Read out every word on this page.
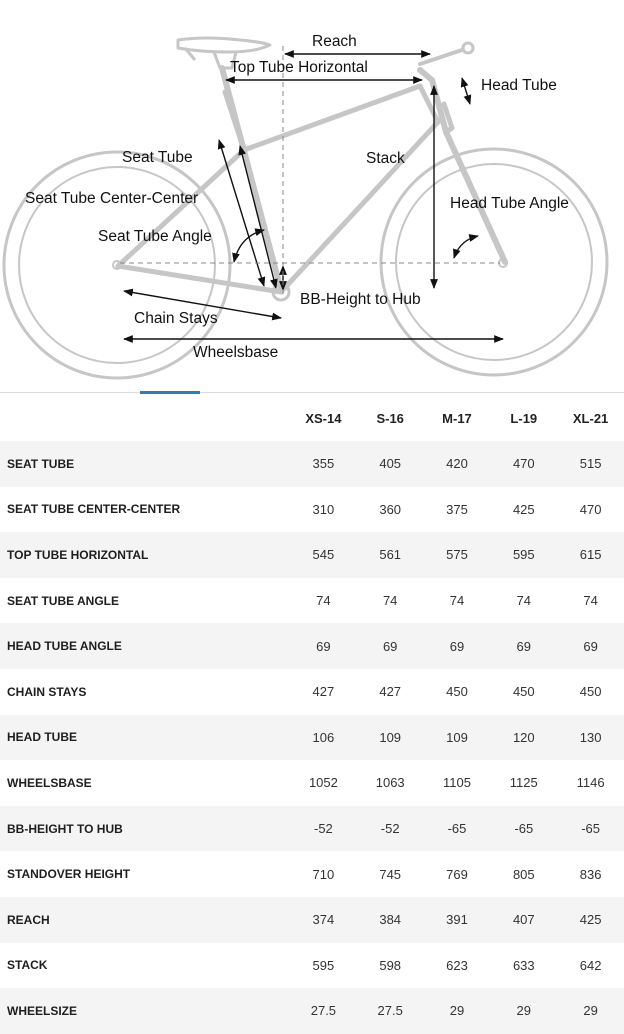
Reach
Top Tube Horizontal
Head Tube
Seat Tube	Stack
Seat Tube Center-Center	Head Tube Angle
Seat Tube Angle
BB-Height to Hub
Chain Stays
Wheelsbase
	XS-14	S-16	M-17	L-19	XL-21
SEAT TUBE	355	405	420	470	515
SEAT TUBE CENTER-CENTER	310	360	375	425	470
TOP TUBE HORIZONTAL	545	561	575	595	615
SEAT TUBE ANGLE	74	74	74	74	74
HEAD TUBE ANGLE	69	69	69	69	69
CHAIN STAYS	427	427	450	450	450
HEAD TUBE	106	109	109	120	130
WHEELSBASE	1052	1063	1105	1125	1146
BB-HEIGHT TO HUB	-52	-52	-65	-65	-65
STANDOVER HEIGHT	710	745	769	805	836
REACH	374	384	391	407	425
STACK	595	598	623	633	642
WHEELSIZE	27.5	27.5	29	29	29
